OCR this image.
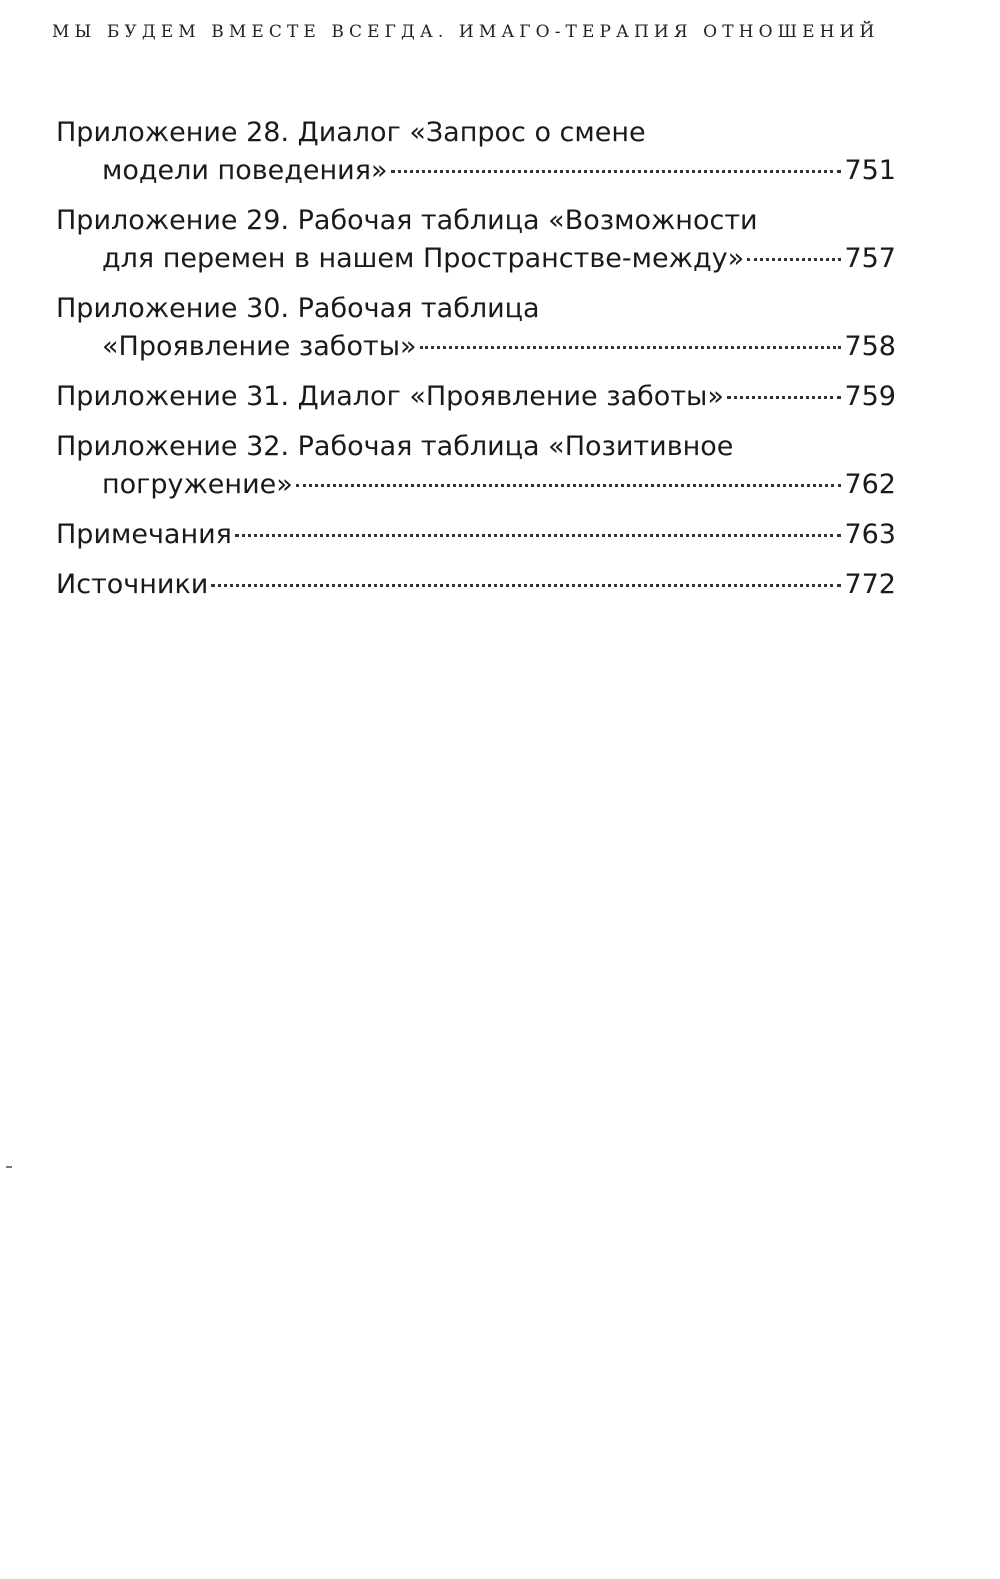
МЫ БУДЕМ ВМЕСТЕ ВСЕГДА. ИМАГО-ТЕРАПИЯ ОТНОШЕНИЙ
Приложение 28. Диалог «Запрос о смене
модели поведения»	751
Приложение 29. Рабочая таблица «Возможности
для перемен в нашем Пространстве-между»	757
Приложение 30. Рабочая таблица
«Проявление заботы»	758
Приложение 31. Диалог «Проявление заботы»	759
Приложение 32. Рабочая таблица «Позитивное
погружение»	762
Примечания	763
Источники	772
